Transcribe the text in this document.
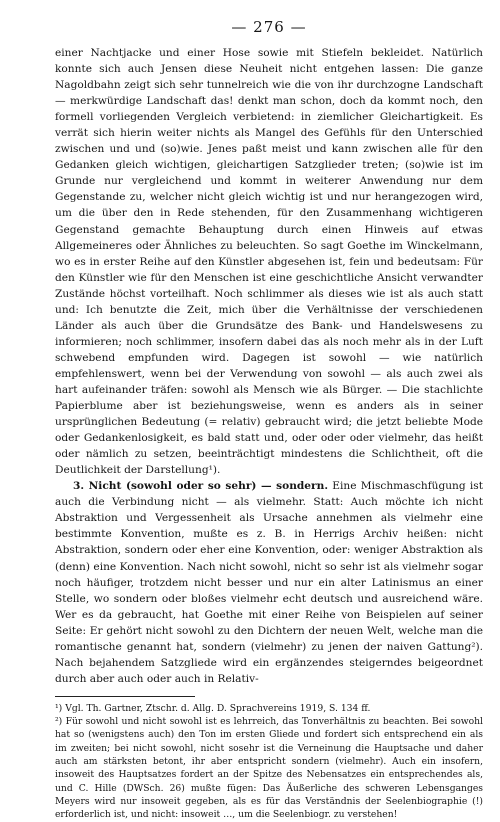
— 276 —

einer Nachtjacke und einer Hose sowie mit Stiefeln bekleidet. Natürlich konnte sich auch Jensen diese Neuheit nicht entgehen lassen: Die ganze Nagoldbahn zeigt sich sehr tunnelreich wie die von ihr durchzogne Landschaft — merkwürdige Landschaft das! denkt man schon, doch da kommt noch, den formell vorliegenden Vergleich verbietend: in ziemlicher Gleichartigkeit. Es verrät sich hierin weiter nichts als Mangel des Gefühls für den Unterschied zwischen und und (so)wie. Jenes paßt meist und kann zwischen alle für den Gedanken gleich wichtigen, gleichartigen Satzglieder treten; (so)wie ist im Grunde nur vergleichend und kommt in weiterer Anwendung nur dem Gegenstande zu, welcher nicht gleich wichtig ist und nur herangezogen wird, um die über den in Rede stehenden, für den Zusammenhang wichtigeren Gegenstand gemachte Behauptung durch einen Hinweis auf etwas Allgemeineres oder Ähnliches zu beleuchten. So sagt Goethe im Winckelmann, wo es in erster Reihe auf den Künstler abgesehen ist, fein und bedeutsam: Für den Künstler wie für den Menschen ist eine geschichtliche Ansicht verwandter Zustände höchst vorteilhaft. Noch schlimmer als dieses wie ist als auch statt und: Ich benutzte die Zeit, mich über die Verhältnisse der verschiedenen Länder als auch über die Grundsätze des Bank- und Handelswesens zu informieren; noch schlimmer, insofern dabei das als noch mehr als in der Luft schwebend empfunden wird. Dagegen ist sowohl — wie natürlich empfehlenswert, wenn bei der Verwendung von sowohl — als auch zwei als hart aufeinander träfen: sowohl als Mensch wie als Bürger. — Die stachlichte Papierblume aber ist beziehungsweise, wenn es anders als in seiner ursprünglichen Bedeutung (= relativ) gebraucht wird; die jetzt beliebte Mode oder Gedankenlosigkeit, es bald statt und, oder oder oder vielmehr, das heißt oder nämlich zu setzen, beeinträchtigt mindestens die Schlichtheit, oft die Deutlichkeit der Darstellung¹).

3. Nicht (sowohl oder so sehr) — sondern. Eine Mischmaschfügung ist auch die Verbindung nicht — als vielmehr. Statt: Auch möchte ich nicht Abstraktion und Vergessenheit als Ursache annehmen als vielmehr eine bestimmte Konvention, mußte es z. B. in Herrigs Archiv heißen: nicht Abstraktion, sondern oder eher eine Konvention, oder: weniger Abstraktion als (denn) eine Konvention. Nach nicht sowohl, nicht so sehr ist als vielmehr sogar noch häufiger, trotzdem nicht besser und nur ein alter Latinismus an einer Stelle, wo sondern oder bloßes vielmehr echt deutsch und ausreichend wäre. Wer es da gebraucht, hat Goethe mit einer Reihe von Beispielen auf seiner Seite: Er gehört nicht sowohl zu den Dichtern der neuen Welt, welche man die romantische genannt hat, sondern (vielmehr) zu jenen der naiven Gattung²). Nach bejahendem Satzgliede wird ein ergänzendes steigerndes beigeordnet durch aber auch oder auch in Relativ-

¹) Vgl. Th. Gartner, Ztschr. d. Allg. D. Sprachvereins 1919, S. 134 ff.

²) Für sowohl und nicht sowohl ist es lehrreich, das Tonverhältnis zu beachten. Bei sowohl hat so (wenigstens auch) den Ton im ersten Gliede und fordert sich entsprechend ein als im zweiten; bei nicht sowohl, nicht sosehr ist die Verneinung die Hauptsache und daher auch am stärksten betont, ihr aber entspricht sondern (vielmehr). Auch ein insofern, insoweit des Hauptsatzes fordert an der Spitze des Nebensatzes ein entsprechendes als, und C. Hille (DWSch. 26) mußte fügen: Das Äußerliche des schweren Lebensganges Meyers wird nur insoweit gegeben, als es für das Verständnis der Seelenbiographie (!) erforderlich ist, und nicht: insoweit …, um die Seelenbiogr. zu verstehen!
